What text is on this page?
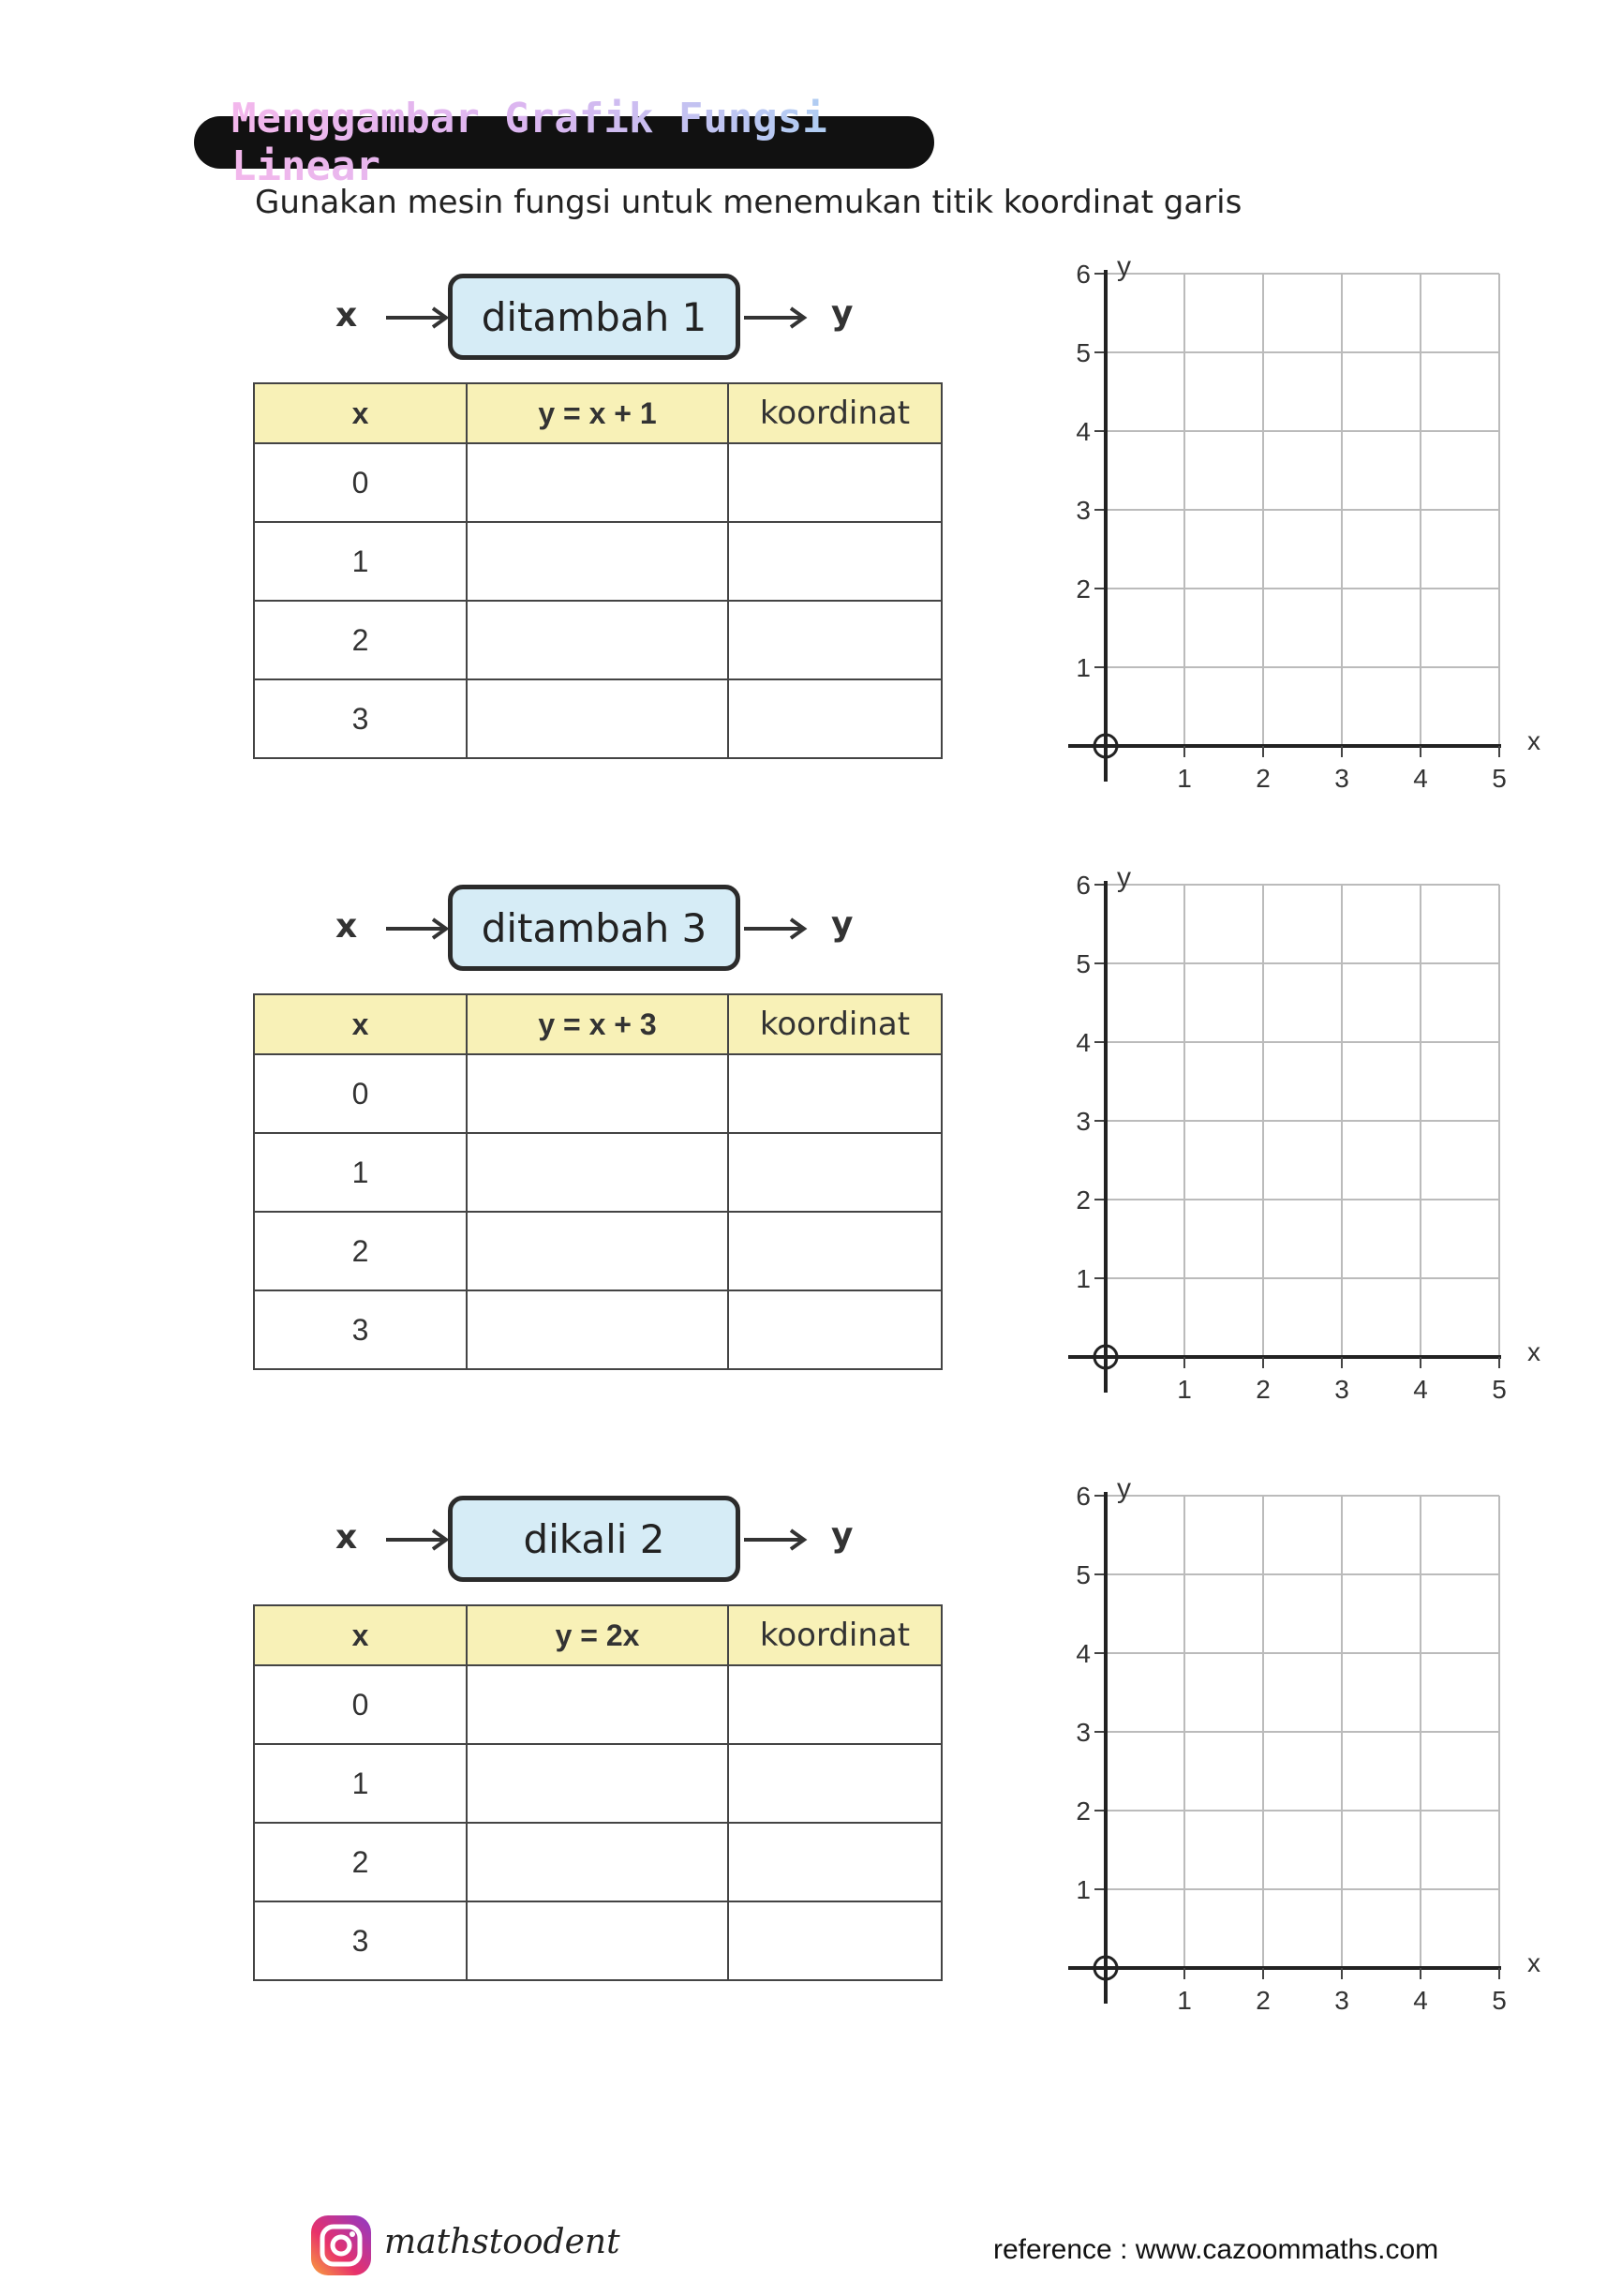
Menggambar Grafik Fungsi Linear
Gunakan mesin fungsi untuk menemukan titik koordinat garis
x	ditambah 1	y
x	y = x + 1	koordinat
0		
1		
2		
3		
1 2 3 4 5
1
2
3
4
5
6
x
y
x	ditambah 3	y
x	y = x + 3	koordinat
0		
1		
2		
3		
1 2 3 4 5
1
2
3
4
5
6
x
y
x	dikali 2	y
x	y = 2x	koordinat
0		
1		
2		
3		
1 2 3 4 5
1
2
3
4
5
6
x
y
mathstoodent	reference : www.cazoommaths.com
